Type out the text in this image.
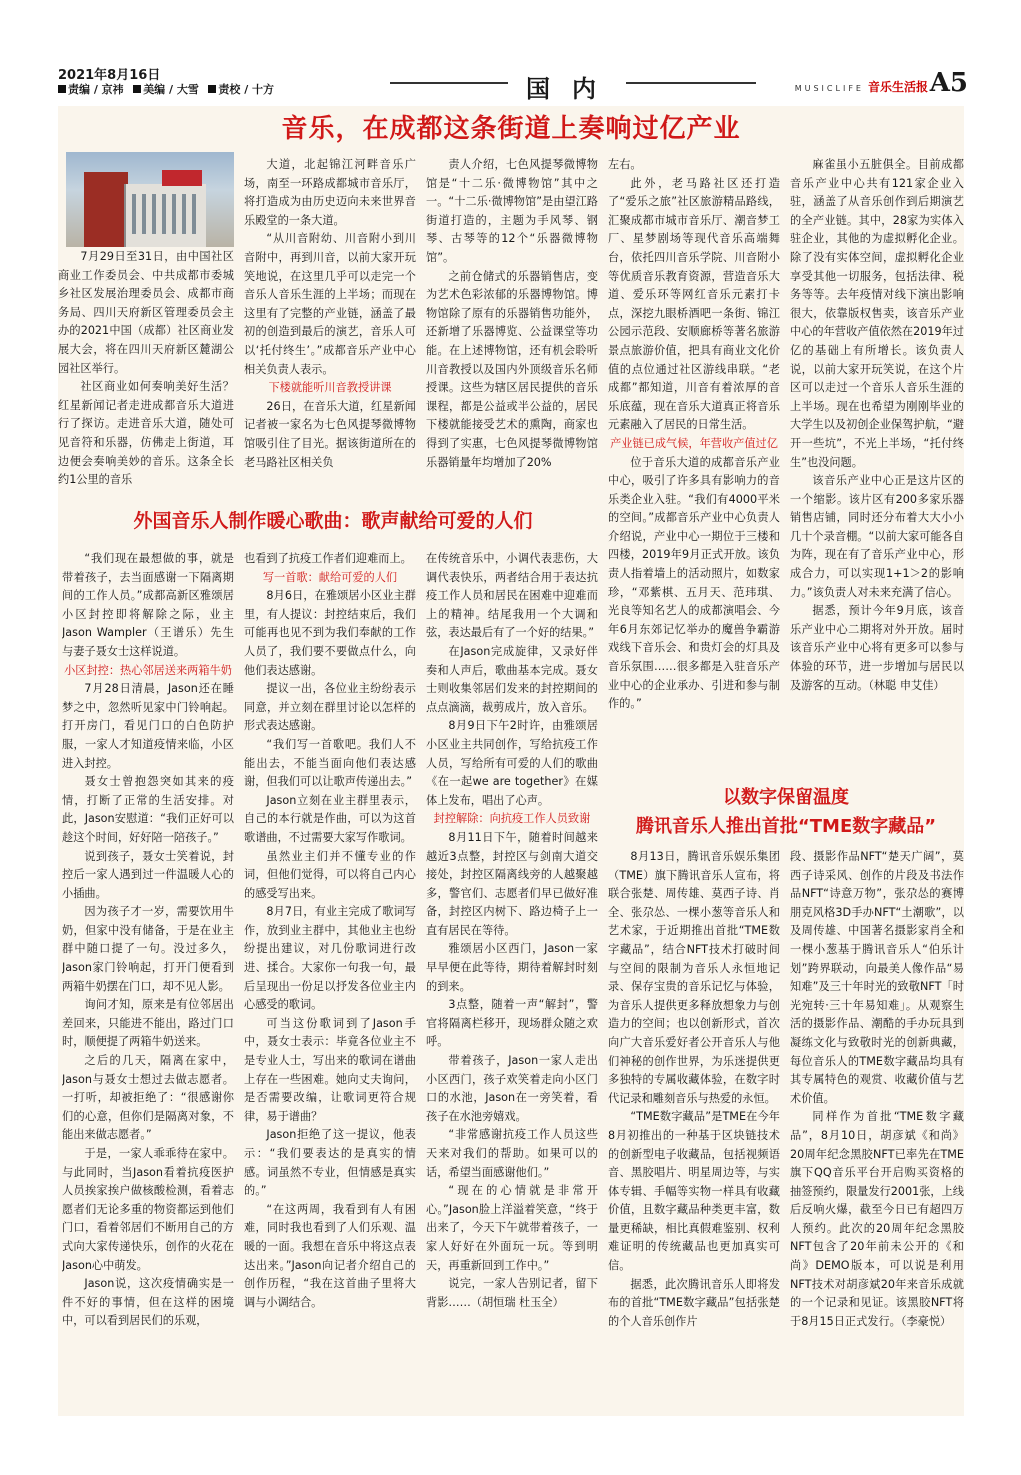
2021年8月16日
责编 / 京祎 美编 / 大雪 责校 / 十方	国内	MUSICLIFE 音乐生活报 A5
音乐，在成都这条街道上奏响过亿产业

7月29日至31日，由中国社区商业工作委员会、中共成都市委城乡社区发展治理委员会、成都市商务局、四川天府新区管理委员会主办的2021中国（成都）社区商业发展大会，将在四川天府新区麓湖公园社区举行。

社区商业如何奏响美好生活？红星新闻记者走进成都音乐大道进行了探访。走进音乐大道，随处可见音符和乐器，仿佛走上街道，耳边便会奏响美妙的音乐。这条全长约1公里的音乐

大道，北起锦江河畔音乐广场，南至一环路成都城市音乐厅，将打造成为由历史迈向未来世界音乐殿堂的一条大道。

“从川音附幼、川音附小到川音附中，再到川音，以前大家开玩笑地说，在这里几乎可以走完一个音乐人音乐生涯的上半场；而现在这里有了完整的产业链，涵盖了最初的创造到最后的演艺，音乐人可以‘托付终生’。”成都音乐产业中心相关负责人表示。

下楼就能听川音教授讲课

26日，在音乐大道，红星新闻记者被一家名为七色风提琴微博物馆吸引住了目光。据该街道所在的老马路社区相关负

责人介绍，七色风提琴微博物馆是“十二乐·微博物馆”其中之一。“十二乐·微博物馆”是由望江路街道打造的，主题为手风琴、钢琴、古琴等的12个“乐器微博物馆”。

之前仓储式的乐器销售店，变为艺术色彩浓郁的乐器博物馆。博物馆除了原有的乐器销售功能外，还新增了乐器博览、公益课堂等功能。在上述博物馆，还有机会聆听川音教授以及国内外顶级音乐名师授课。这些为辖区居民提供的音乐课程，都是公益或半公益的，居民下楼就能接受艺术的熏陶，商家也得到了实惠，七色风提琴微博物馆乐器销量年均增加了20%

左右。

此外，老马路社区还打造了“爱乐之旅”社区旅游精品路线，汇聚成都市城市音乐厅、潮音梦工厂、星梦剧场等现代音乐高端舞台，依托四川音乐学院、川音附小等优质音乐教育资源，营造音乐大道、爱乐环等网红音乐元素打卡点，深挖九眼桥酒吧一条街、锦江公园示范段、安顺廊桥等著名旅游景点旅游价值，把具有商业文化价值的点位通过社区游线串联。“老成都”都知道，川音有着浓厚的音乐底蕴，现在音乐大道真正将音乐元素融入了居民的日常生活。

产业链已成气候，年营收产值过亿

位于音乐大道的成都音乐产业中心，吸引了许多具有影响力的音乐类企业入驻。“我们有4000平米的空间。”成都音乐产业中心负责人介绍说，产业中心一期位于三楼和四楼，2019年9月正式开放。该负责人指着墙上的活动照片，如数家珍，“邓紫棋、五月天、范玮琪、光良等知名艺人的成都演唱会、今年6月东郊记忆举办的魔兽争霸游戏线下音乐会、和贵灯会的灯具及音乐氛围……很多都是入驻音乐产业中心的企业承办、引进和参与制作的。”

麻雀虽小五脏俱全。目前成都音乐产业中心共有121家企业入驻，涵盖了从音乐创作到后期演艺的全产业链。其中，28家为实体入驻企业，其他的为虚拟孵化企业。除了没有实体空间，虚拟孵化企业享受其他一切服务，包括法律、税务等等。去年疫情对线下演出影响很大，依靠版权售卖，该音乐产业中心的年营收产值依然在2019年过亿的基础上有所增长。该负责人说，以前大家开玩笑说，在这个片区可以走过一个音乐人音乐生涯的上半场。现在也希望为刚刚毕业的大学生以及初创企业保驾护航，“避开一些坑”，不光上半场，“托付终生”也没问题。

该音乐产业中心正是这片区的一个缩影。该片区有200多家乐器销售店铺，同时还分布着大大小小几十个录音棚。“以前大家可能各自为阵，现在有了音乐产业中心，形成合力，可以实现1+1＞2的影响力。”该负责人对未来充满了信心。

据悉，预计今年9月底，该音乐产业中心二期将对外开放。届时该音乐产业中心将有更多可以参与体验的环节，进一步增加与居民以及游客的互动。（林聪 申艾佳）

外国音乐人制作暖心歌曲：歌声献给可爱的人们

“我们现在最想做的事，就是带着孩子，去当面感谢一下隔离期间的工作人员。”成都高新区雅颂居小区封控即将解除之际，业主Jason Wampler（王谱乐）先生与妻子聂女士这样说道。

小区封控：热心邻居送来两箱牛奶

7月28日清晨，Jason还在睡梦之中，忽然听见家中门铃响起。打开房门，看见门口的白色防护服，一家人才知道疫情来临，小区进入封控。

聂女士曾抱怨突如其来的疫情，打断了正常的生活安排。对此，Jason安慰道：“我们正好可以趁这个时间，好好陪一陪孩子。”

说到孩子，聂女士笑着说，封控后一家人遇到过一件温暖人心的小插曲。

因为孩子才一岁，需要饮用牛奶，但家中没有储备，于是在业主群中随口提了一句。没过多久，Jason家门铃响起，打开门便看到两箱牛奶摆在门口，却不见人影。

询问才知，原来是有位邻居出差回来，只能进不能出，路过门口时，顺便提了两箱牛奶送来。

之后的几天，隔离在家中，Jason与聂女士想过去做志愿者。一打听，却被拒绝了：“很感谢你们的心意，但你们是隔离对象，不能出来做志愿者。”

于是，一家人乖乖待在家中。与此同时，当Jason看着抗疫医护人员挨家挨户做核酸检测，看着志愿者们无论多重的物资都运到他们门口，看着邻居们不断用自己的方式向大家传递快乐，创作的火花在Jason心中萌发。

Jason说，这次疫情确实是一件不好的事情，但在这样的困境中，可以看到居民们的乐观，

也看到了抗疫工作者们迎难而上。

写一首歌：献给可爱的人们

8月6日，在雅颂居小区业主群里，有人提议：封控结束后，我们可能再也见不到为我们奉献的工作人员了，我们要不要做点什么，向他们表达感谢。

提议一出，各位业主纷纷表示同意，并立刻在群里讨论以怎样的形式表达感谢。

“我们写一首歌吧。我们人不能出去，不能当面向他们表达感谢，但我们可以让歌声传递出去。”

Jason立刻在业主群里表示，自己的本行就是作曲，可以为这首歌谱曲，不过需要大家写作歌词。

虽然业主们并不懂专业的作词，但他们觉得，可以将自己内心的感受写出来。

8月7日，有业主完成了歌词写作，放到业主群中，其他业主也纷纷提出建议，对几份歌词进行改进、揉合。大家你一句我一句，最后呈现出一份足以抒发各位业主内心感受的歌词。

可当这份歌词到了Jason手中，聂女士表示：毕竟各位业主不是专业人士，写出来的歌词在谱曲上存在一些困难。她向丈夫询问，是否需要改编，让歌词更符合规律，易于谱曲？

Jason拒绝了这一提议，他表示：“我们要表达的是真实的情感。词虽然不专业，但情感是真实的。”

“在这两周，我看到有人有困难，同时我也看到了人们乐观、温暖的一面。我想在音乐中将这点表达出来。”Jason向记者介绍自己的创作历程，“我在这首曲子里将大调与小调结合。

在传统音乐中，小调代表悲伤，大调代表快乐，两者结合用于表达抗疫工作人员和居民在困难中迎难而上的精神。结尾我用一个大调和弦，表达最后有了一个好的结果。”

在Jason完成旋律，又录好伴奏和人声后，歌曲基本完成。聂女士则收集邻居们发来的封控期间的点点滴滴，裁剪成片，放入音乐。

8月9日下午2时许，由雅颂居小区业主共同创作，写给抗疫工作人员，写给所有可爱的人们的歌曲《在一起we are together》在媒体上发布，唱出了心声。

封控解除：向抗疫工作人员致谢

8月11日下午，随着时间越来越近3点整，封控区与剑南大道交接处，封控区隔离线旁的人越聚越多，警官们、志愿者们早已做好准备，封控区内树下、路边椅子上一直有居民在等待。

雅颂居小区西门，Jason一家早早便在此等待，期待着解封时刻的到来。

3点整，随着一声“解封”，警官将隔离栏移开，现场群众随之欢呼。

带着孩子，Jason一家人走出小区西门，孩子欢笑着走向小区门口的水池，Jason在一旁笑着，看孩子在水池旁嬉戏。

“非常感谢抗疫工作人员这些天来对我们的帮助。如果可以的话，希望当面感谢他们。”

“现在的心情就是非常开心。”Jason脸上洋溢着笑意，“终于出来了，今天下午就带着孩子，一家人好好在外面玩一玩。等到明天，再重新回到工作中。”

说完，一家人告别记者，留下背影……（胡恒瑞 杜玉全）

以数字保留温度
腾讯音乐人推出首批“TME数字藏品”

8月13日，腾讯音乐娱乐集团（TME）旗下腾讯音乐人宣布，将联合张楚、周传雄、莫西子诗、肖全、张尕怂、一棵小葱等音乐人和艺术家，于近期推出首批“TME数字藏品”，结合NFT技术打破时间与空间的限制为音乐人永恒地记录、保存宝贵的音乐记忆与体验，为音乐人提供更多释放想象力与创造力的空间；也以创新形式，首次向广大音乐爱好者公开音乐人与他们神秘的创作世界，为乐迷提供更多独特的专属收藏体验，在数字时代记录和雕刻音乐与热爱的永恒。

“TME数字藏品”是TME在今年8月初推出的一种基于区块链技术的创新型电子收藏品，包括视频语音、黑胶唱片、明星周边等，与实体专辑、手幅等实物一样具有收藏价值，且数字藏品种类更丰富，数量更稀缺，相比真假难鉴别、权利难证明的传统藏品也更加真实可信。

据悉，此次腾讯音乐人即将发布的首批“TME数字藏品”包括张楚的个人音乐创作片

段、摄影作品NFT“楚天广阔”，莫西子诗采风、创作的片段及书法作品NFT“诗意万物”，张尕怂的赛博朋克风格3D手办NFT“土潮歌”，以及周传雄、中国著名摄影家肖全和一棵小葱基于腾讯音乐人“伯乐计划”跨界联动，向最美人像作品“易知难”及三十年时光的致敬NFT「时光宛转·三十年易知难」。从观察生活的摄影作品、潮酷的手办玩具到凝练文化与致敬时光的创新典藏，每位音乐人的TME数字藏品均具有其专属特色的观赏、收藏价值与艺术价值。

同样作为首批“TME数字藏品”，8月10日，胡彦斌《和尚》20周年纪念黑胶NFT已率先在TME旗下QQ音乐平台开启购买资格的抽签预约，限量发行2001张，上线后反响火爆，截至今日已有超四万人预约。此次的20周年纪念黑胶NFT包含了20年前未公开的《和尚》DEMO版本，可以说是利用NFT技术对胡彦斌20年来音乐成就的一个记录和见证。该黑胶NFT将于8月15日正式发行。（李豪悦）
